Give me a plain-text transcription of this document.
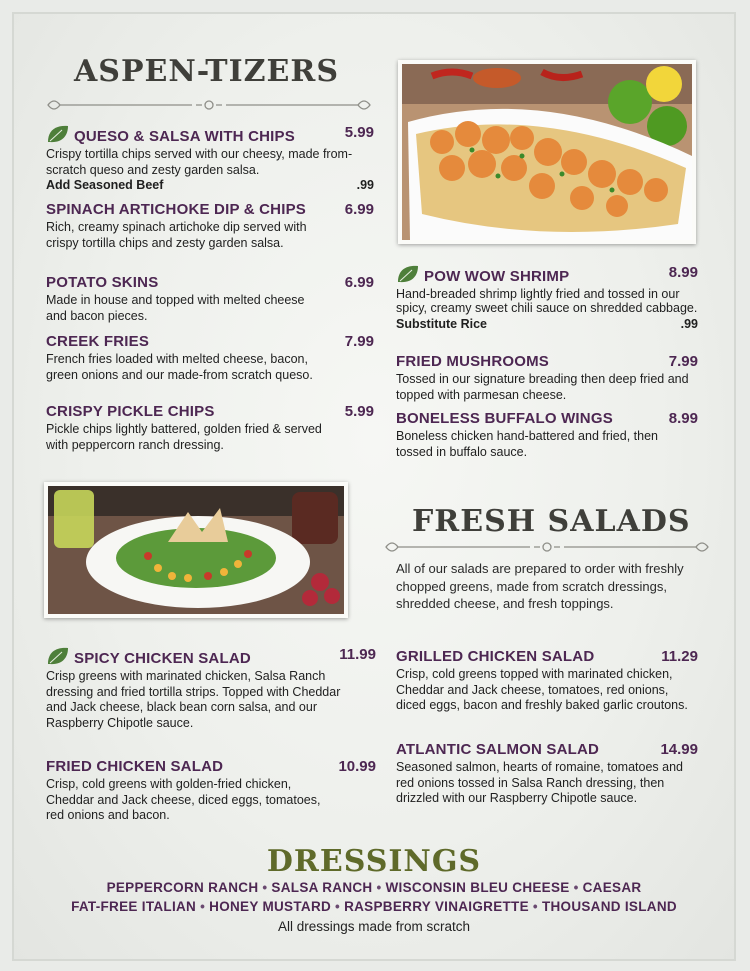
ASPEN-TIZERS
QUESO & SALSA WITH CHIPS	5.99
Crispy tortilla chips served with our cheesy, made from-scratch queso and zesty garden salsa.
Add Seasoned Beef	.99
SPINACH ARTICHOKE DIP & CHIPS	6.99
Rich, creamy spinach artichoke dip served with crispy tortilla chips and zesty garden salsa.
POTATO SKINS	6.99
Made in house and topped with melted cheese and bacon pieces.
CREEK FRIES	7.99
French fries loaded with melted cheese, bacon, green onions and our made-from scratch queso.
CRISPY PICKLE CHIPS	5.99
Pickle chips lightly battered, golden fried & served with peppercorn ranch dressing.
POW WOW SHRIMP	8.99
Hand-breaded shrimp lightly fried and tossed in our spicy, creamy sweet chili sauce on shredded cabbage.
Substitute Rice	.99
FRIED MUSHROOMS	7.99
Tossed in our signature breading then deep fried and topped with parmesan cheese.
BONELESS BUFFALO WINGS	8.99
Boneless chicken hand-battered and fried, then tossed in buffalo sauce.
FRESH SALADS
All of our salads are prepared to order with freshly chopped greens, made from scratch dressings, shredded cheese, and fresh toppings.
SPICY CHICKEN SALAD	11.99
Crisp greens with marinated chicken, Salsa Ranch dressing and fried tortilla strips. Topped with Cheddar and Jack cheese, black bean corn salsa, and our Raspberry Chipotle sauce.
FRIED CHICKEN SALAD	10.99
Crisp, cold greens with golden-fried chicken, Cheddar and Jack cheese, diced eggs, tomatoes, red onions and bacon.
GRILLED CHICKEN SALAD	11.29
Crisp, cold greens topped with marinated chicken, Cheddar and Jack cheese, tomatoes, red onions, diced eggs, bacon and freshly baked garlic croutons.
ATLANTIC SALMON SALAD	14.99
Seasoned salmon, hearts of romaine, tomatoes and red onions tossed in Salsa Ranch dressing, then drizzled with our Raspberry Chipotle sauce.
DRESSINGS
PEPPERCORN RANCH • SALSA RANCH • WISCONSIN BLEU CHEESE • CAESAR
FAT-FREE ITALIAN • HONEY MUSTARD • RASPBERRY VINAIGRETTE • THOUSAND ISLAND
All dressings made from scratch
